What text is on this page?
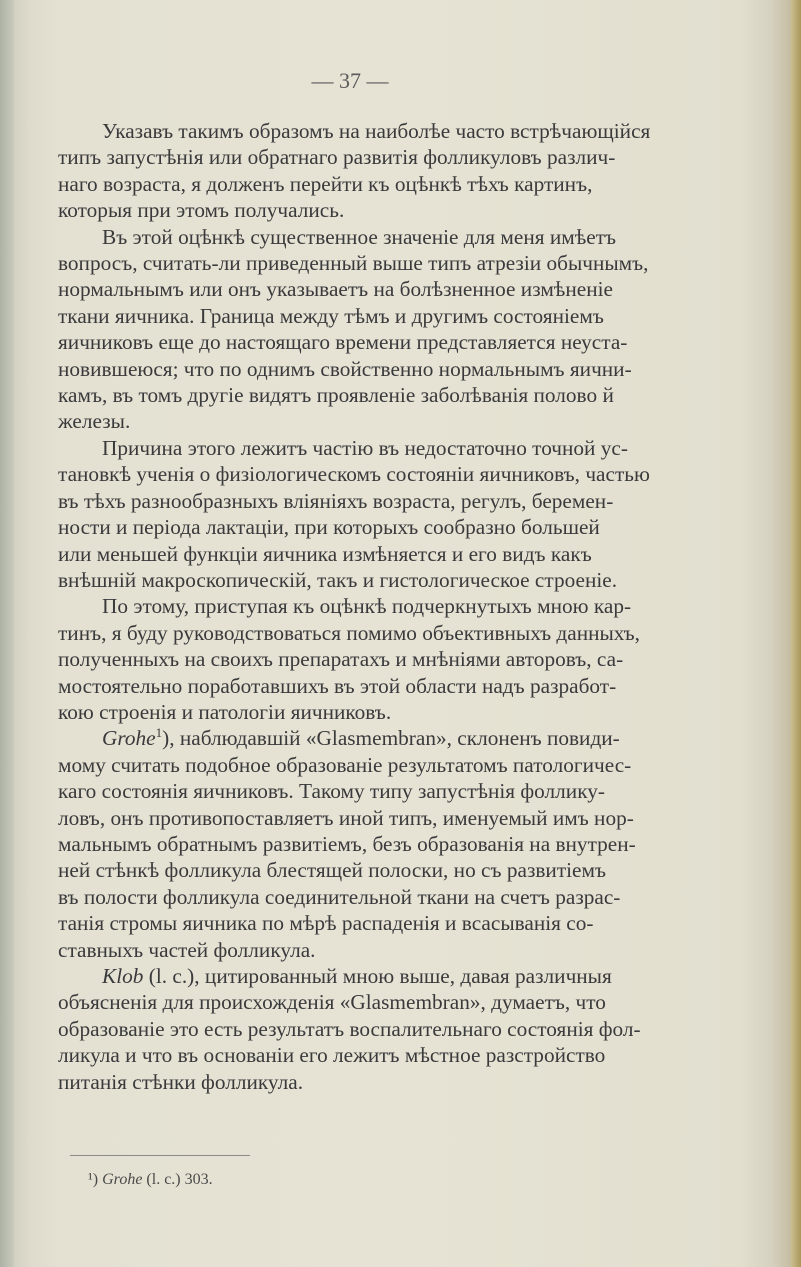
— 37 —

Указавъ такимъ образомъ на наиболѣе часто встрѣчающійся
типъ запустѣнія или обратнаго развитія фолликуловъ различ-
наго возраста, я долженъ перейти къ оцѣнкѣ тѣхъ картинъ,
которыя при этомъ получались.

Въ этой оцѣнкѣ существенное значеніе для меня имѣетъ
вопросъ, считать-ли приведенный выше типъ атрезіи обычнымъ,
нормальнымъ или онъ указываетъ на болѣзненное измѣненіе
ткани яичника. Граница между тѣмъ и другимъ состояніемъ
яичниковъ еще до настоящаго времени представляется неуста-
новившеюся; что по однимъ свойственно нормальнымъ яични-
камъ, въ томъ другіе видятъ проявленіе заболѣванія полово й
железы.

Причина этого лежитъ частію въ недостаточно точной ус-
тановкѣ ученія о физіологическомъ состояніи яичниковъ, частью
въ тѣхъ разнообразныхъ вліяніяхъ возраста, регулъ, беремен-
ности и періода лактаціи, при которыхъ сообразно большей
или меньшей функціи яичника измѣняется и его видъ какъ
внѣшній макроскопическій, такъ и гистологическое строеніе.

По этому, приступая къ оцѣнкѣ подчеркнутыхъ мною кар-
тинъ, я буду руководствоваться помимо объективныхъ данныхъ,
полученныхъ на своихъ препаратахъ и мнѣніями авторовъ, са-
мостоятельно поработавшихъ въ этой области надъ разработ-
кою строенія и патологіи яичниковъ.

Grohe$^1$), наблюдавшій «Glasmembran», склоненъ повиди-
мому считать подобное образованіе результатомъ патологичес-
каго состоянія яичниковъ. Такому типу запустѣнія фоллику-
ловъ, онъ противопоставляетъ иной типъ, именуемый имъ нор-
мальнымъ обратнымъ развитіемъ, безъ образованія на внутрен-
ней стѣнкѣ фолликула блестящей полоски, но съ развитіемъ
въ полости фолликула соединительной ткани на счетъ разрас-
танія стромы яичника по мѣрѣ распаденія и всасыванія со-
ставныхъ частей фолликула.

Klob (l. c.), цитированный мною выше, давая различныя
объясненія для происхожденія «Glasmembran», думаетъ, что
образованіе это есть результатъ воспалительнаго состоянія фол-
ликула и что въ основаніи его лежитъ мѣстное разстройство
питанія стѣнки фолликула.

¹) Grohe (l. c.) 303.
